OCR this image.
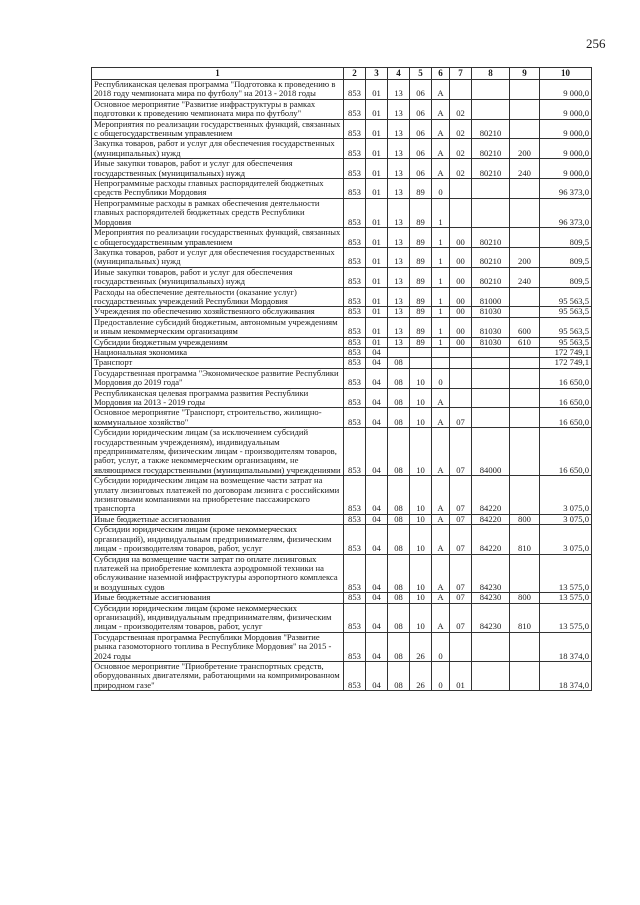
256
1	2	3	4	5	6	7	8	9	10
Республиканская целевая программа "Подготовка к проведению в 2018 году чемпионата мира по футболу" на 2013 - 2018 годы	853	01	13	06	А				9 000,0
Основное мероприятие "Развитие инфраструктуры в рамках подготовки к проведению чемпионата мира по футболу"	853	01	13	06	А	02			9 000,0
Мероприятия по реализации государственных функций, связанных с общегосударственным управлением	853	01	13	06	А	02	80210		9 000,0
Закупка товаров, работ и услуг для обеспечения государственных (муниципальных) нужд	853	01	13	06	А	02	80210	200	9 000,0
Иные закупки товаров, работ и услуг для обеспечения государственных (муниципальных) нужд	853	01	13	06	А	02	80210	240	9 000,0
Непрограммные расходы главных распорядителей бюджетных средств Республики Мордовия	853	01	13	89	0				96 373,0
Непрограммные расходы в рамках обеспечения деятельности главных распорядителей бюджетных средств Республики Мордовия	853	01	13	89	1				96 373,0
Мероприятия по реализации государственных функций, связанных с общегосударственным управлением	853	01	13	89	1	00	80210		809,5
Закупка товаров, работ и услуг для обеспечения государственных (муниципальных) нужд	853	01	13	89	1	00	80210	200	809,5
Иные закупки товаров, работ и услуг для обеспечения государственных (муниципальных) нужд	853	01	13	89	1	00	80210	240	809,5
Расходы на обеспечение деятельности (оказание услуг) государственных учреждений Республики Мордовия	853	01	13	89	1	00	81000		95 563,5
Учреждения по обеспечению хозяйственного обслуживания	853	01	13	89	1	00	81030		95 563,5
Предоставление субсидий бюджетным, автономным учреждениям и иным некоммерческим организациям	853	01	13	89	1	00	81030	600	95 563,5
Субсидии бюджетным учреждениям	853	01	13	89	1	00	81030	610	95 563,5
Национальная экономика	853	04							172 749,1
Транспорт	853	04	08						172 749,1
Государственная программа "Экономическое развитие Республики Мордовия до 2019 года"	853	04	08	10	0				16 650,0
Республиканская целевая программа развития Республики Мордовия на 2013 - 2019 годы	853	04	08	10	А				16 650,0
Основное мероприятие "Транспорт, строительство, жилищно-коммунальное хозяйство"	853	04	08	10	А	07			16 650,0
Субсидии юридическим лицам (за исключением субсидий государственным учреждениям), индивидуальным предпринимателям, физическим лицам - производителям товаров, работ, услуг, а также некоммерческим организациям, не являющимся государственными (муниципальными) учреждениями	853	04	08	10	А	07	84000		16 650,0
Субсидии юридическим лицам на возмещение части затрат на уплату лизинговых платежей по договорам лизинга с российскими лизинговыми компаниями на приобретение пассажирского транспорта	853	04	08	10	А	07	84220		3 075,0
Иные бюджетные ассигнования	853	04	08	10	А	07	84220	800	3 075,0
Субсидии юридическим лицам (кроме некоммерческих организаций), индивидуальным предпринимателям, физическим лицам - производителям товаров, работ, услуг	853	04	08	10	А	07	84220	810	3 075,0
Субсидия на возмещение части затрат по оплате лизинговых платежей на приобретение комплекта аэродромной техники на обслуживание наземной инфраструктуры аэропортного комплекса и воздушных судов	853	04	08	10	А	07	84230		13 575,0
Иные бюджетные ассигнования	853	04	08	10	А	07	84230	800	13 575,0
Субсидии юридическим лицам (кроме некоммерческих организаций), индивидуальным предпринимателям, физическим лицам - производителям товаров, работ, услуг	853	04	08	10	А	07	84230	810	13 575,0
Государственная программа Республики Мордовия "Развитие рынка газомоторного топлива в Республике Мордовия" на 2015 - 2024 годы	853	04	08	26	0				18 374,0
Основное мероприятие "Приобретение транспортных средств, оборудованных двигателями, работающими на компримированном природном газе"	853	04	08	26	0	01			18 374,0
